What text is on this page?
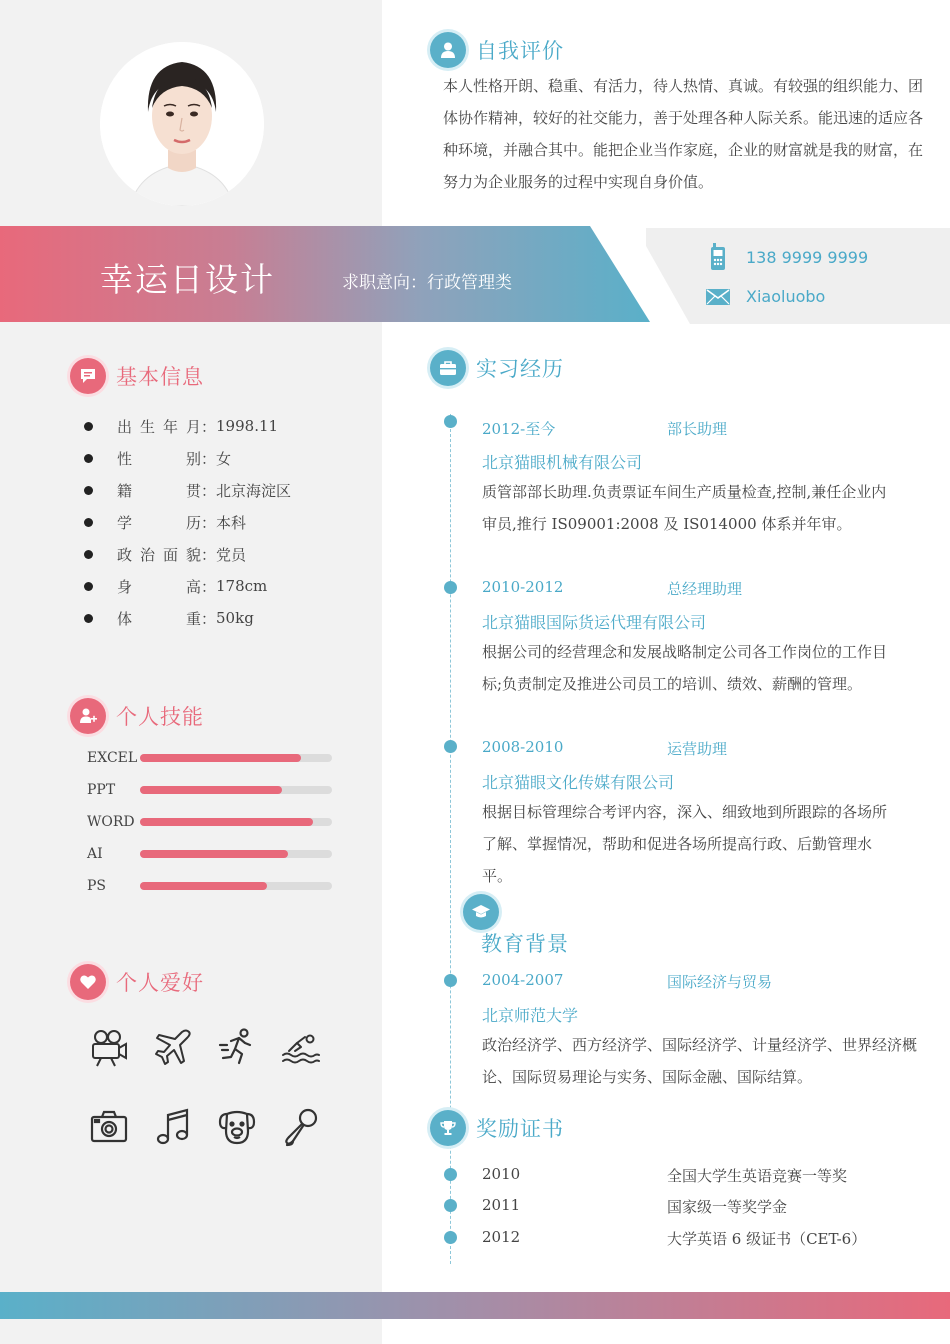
幸运日设计	求职意向：行政管理类
138 9999 9999
Xiaoluobo
自我评价
本人性格开朗、稳重、有活力，待人热情、真诚。有较强的组织能力、团体协作精神，较好的社交能力，善于处理各种人际关系。能迅速的适应各种环境，并融合其中。能把企业当作家庭，企业的财富就是我的财富，在努力为企业服务的过程中实现自身价值。
基本信息
出生年月 ： 1998.11
性别 ： 女
籍贯 ： 北京海淀区
学历 ： 本科
政治面貌 ： 党员
身高 ： 178cm
体重 ： 50kg
个人技能
EXCEL
PPT
WORD
AI
PS
个人爱好
实习经历
2012-至今	部长助理
北京猫眼机械有限公司
质管部部长助理.负责票证车间生产质量检查,控制,兼任企业内审员,推行 IS09001:2008 及 IS014000 体系并年审。
2010-2012	总经理助理
北京猫眼国际货运代理有限公司
根据公司的经营理念和发展战略制定公司各工作岗位的工作目标;负责制定及推进公司员工的培训、绩效、薪酬的管理。
2008-2010	运营助理
北京猫眼文化传媒有限公司
根据目标管理综合考评内容，深入、细致地到所跟踪的各场所了解、掌握情况，帮助和促进各场所提高行政、后勤管理水平。
教育背景
2004-2007	国际经济与贸易
北京师范大学
政治经济学、西方经济学、国际经济学、计量经济学、世界经济概论、国际贸易理论与实务、国际金融、国际结算。
奖励证书
2010	全国大学生英语竞赛一等奖
2011	国家级一等奖学金
2012	大学英语 6 级证书（CET-6）
